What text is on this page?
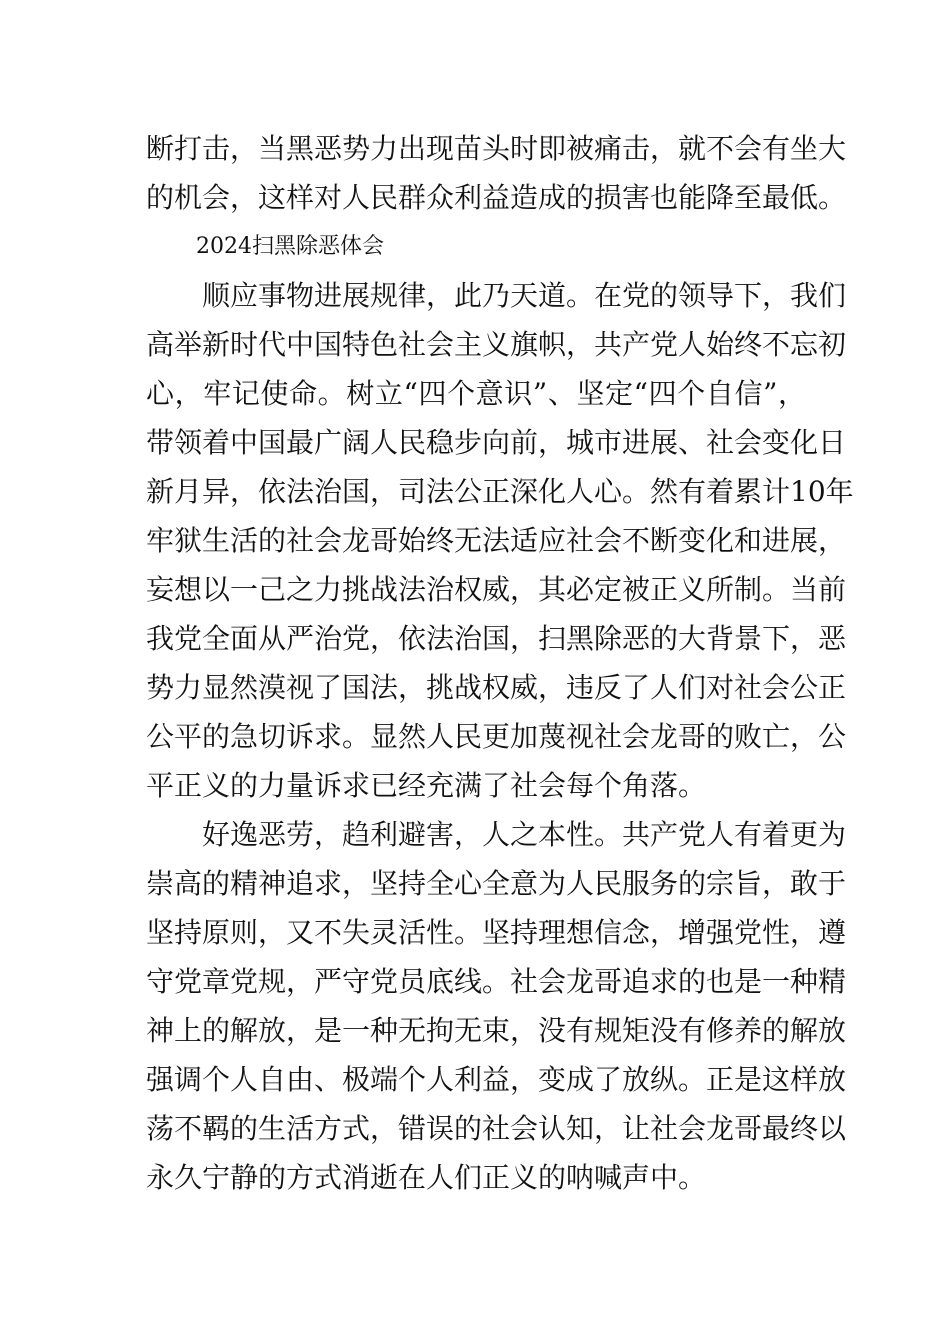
断打击，当黑恶势力出现苗头时即被痛击，就不会有坐大
的机会，这样对人民群众利益造成的损害也能降至最低。
2024扫黑除恶体会
顺应事物进展规律，此乃天道。在党的领导下，我们
高举新时代中国特色社会主义旗帜，共产党人始终不忘初
心，牢记使命。树立“四个意识”、坚定“四个自信”，
带领着中国最广阔人民稳步向前，城市进展、社会变化日
新月异，依法治国，司法公正深化人心。然有着累计10年
牢狱生活的社会龙哥始终无法适应社会不断变化和进展，
妄想以一己之力挑战法治权威，其必定被正义所制。当前
我党全面从严治党，依法治国，扫黑除恶的大背景下，恶
势力显然漠视了国法，挑战权威，违反了人们对社会公正
公平的急切诉求。显然人民更加蔑视社会龙哥的败亡，公
平正义的力量诉求已经充满了社会每个角落。
好逸恶劳，趋利避害，人之本性。共产党人有着更为
崇高的精神追求，坚持全心全意为人民服务的宗旨，敢于
坚持原则，又不失灵活性。坚持理想信念，增强党性，遵
守党章党规，严守党员底线。社会龙哥追求的也是一种精
神上的解放，是一种无拘无束，没有规矩没有修养的解放
强调个人自由、极端个人利益，变成了放纵。正是这样放
荡不羁的生活方式，错误的社会认知，让社会龙哥最终以
永久宁静的方式消逝在人们正义的呐喊声中。
